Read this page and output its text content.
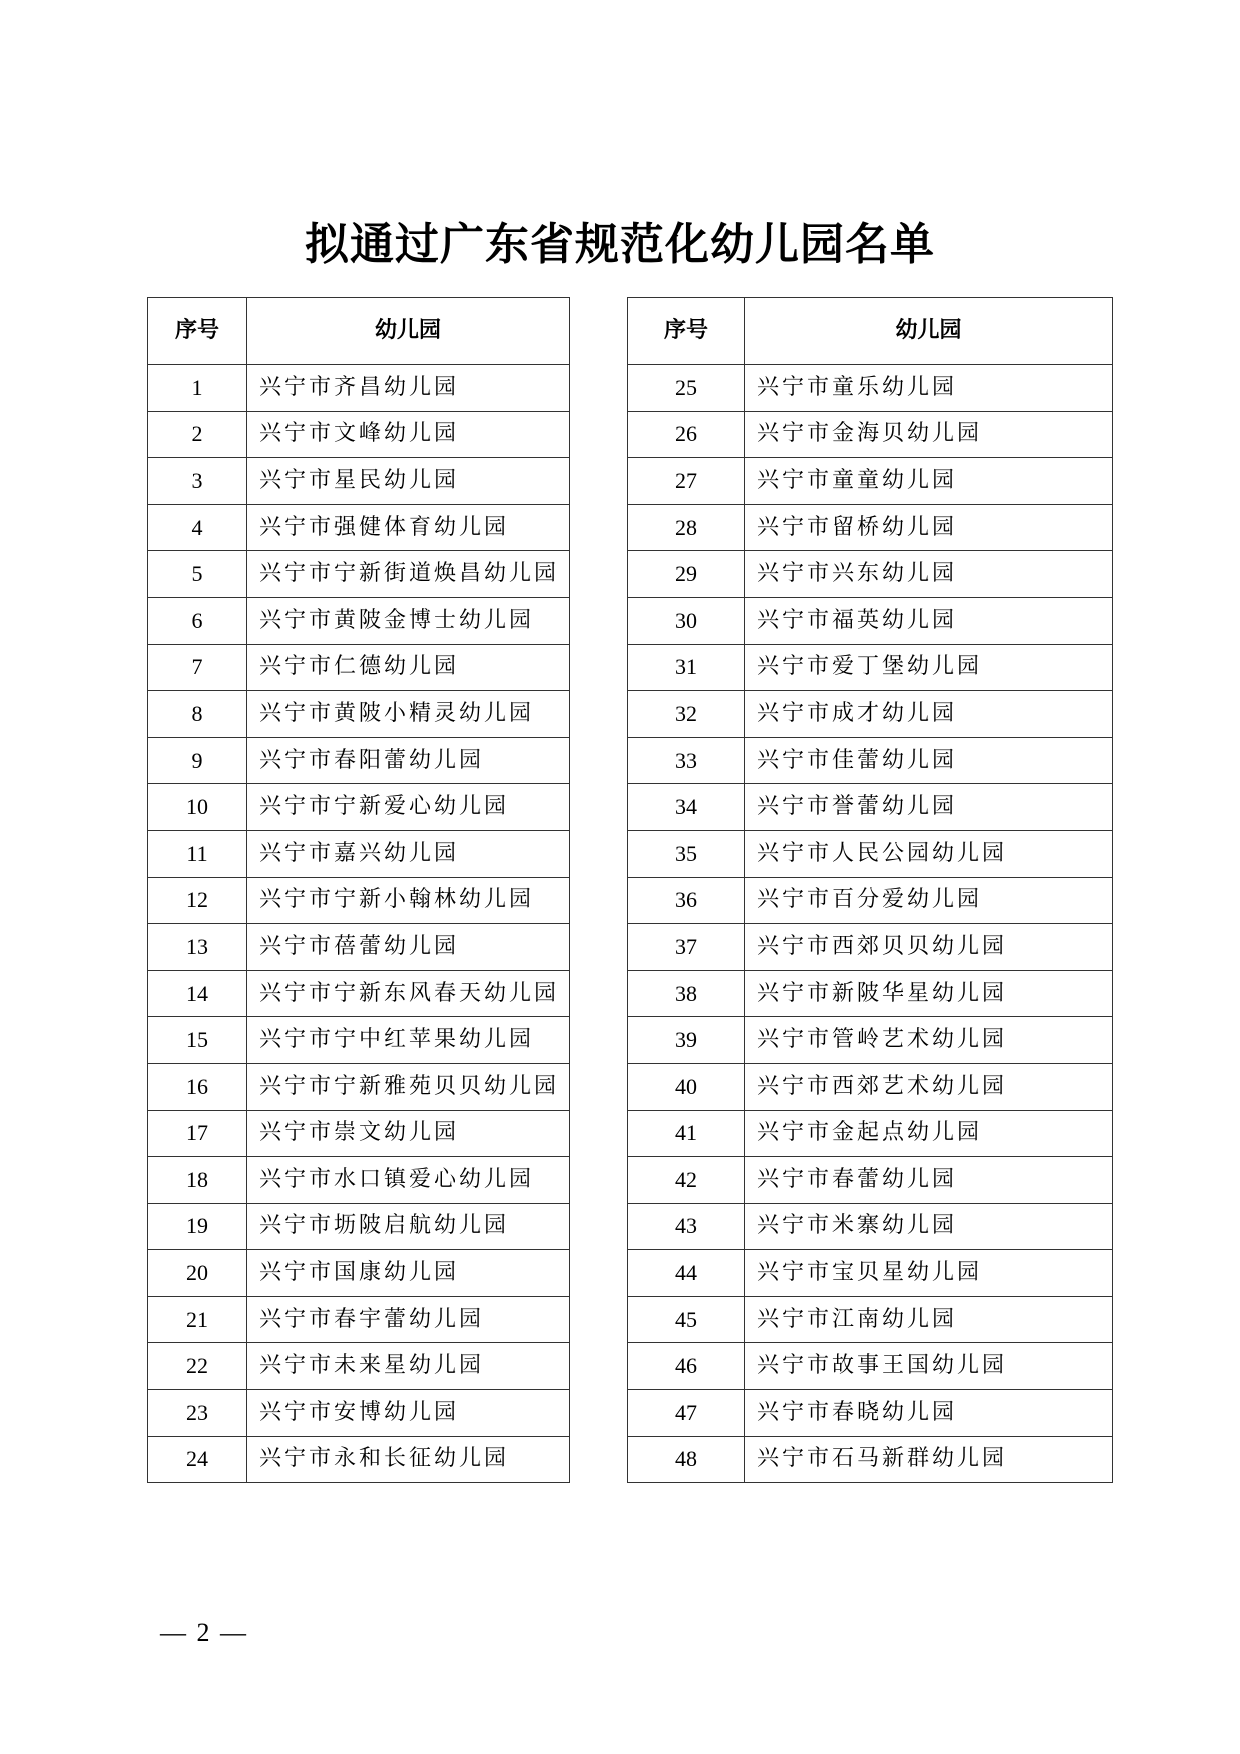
拟通过广东省规范化幼儿园名单
序号	幼儿园
1	兴宁市齐昌幼儿园
2	兴宁市文峰幼儿园
3	兴宁市星民幼儿园
4	兴宁市强健体育幼儿园
5	兴宁市宁新街道焕昌幼儿园
6	兴宁市黄陂金博士幼儿园
7	兴宁市仁德幼儿园
8	兴宁市黄陂小精灵幼儿园
9	兴宁市春阳蕾幼儿园
10	兴宁市宁新爱心幼儿园
11	兴宁市嘉兴幼儿园
12	兴宁市宁新小翰林幼儿园
13	兴宁市蓓蕾幼儿园
14	兴宁市宁新东风春天幼儿园
15	兴宁市宁中红苹果幼儿园
16	兴宁市宁新雅苑贝贝幼儿园
17	兴宁市崇文幼儿园
18	兴宁市水口镇爱心幼儿园
19	兴宁市坜陂启航幼儿园
20	兴宁市国康幼儿园
21	兴宁市春宇蕾幼儿园
22	兴宁市未来星幼儿园
23	兴宁市安博幼儿园
24	兴宁市永和长征幼儿园
序号	幼儿园
25	兴宁市童乐幼儿园
26	兴宁市金海贝幼儿园
27	兴宁市童童幼儿园
28	兴宁市留桥幼儿园
29	兴宁市兴东幼儿园
30	兴宁市福英幼儿园
31	兴宁市爱丁堡幼儿园
32	兴宁市成才幼儿园
33	兴宁市佳蕾幼儿园
34	兴宁市誉蕾幼儿园
35	兴宁市人民公园幼儿园
36	兴宁市百分爱幼儿园
37	兴宁市西郊贝贝幼儿园
38	兴宁市新陂华星幼儿园
39	兴宁市管岭艺术幼儿园
40	兴宁市西郊艺术幼儿园
41	兴宁市金起点幼儿园
42	兴宁市春蕾幼儿园
43	兴宁市米寨幼儿园
44	兴宁市宝贝星幼儿园
45	兴宁市江南幼儿园
46	兴宁市故事王国幼儿园
47	兴宁市春晓幼儿园
48	兴宁市石马新群幼儿园
— 2 —
